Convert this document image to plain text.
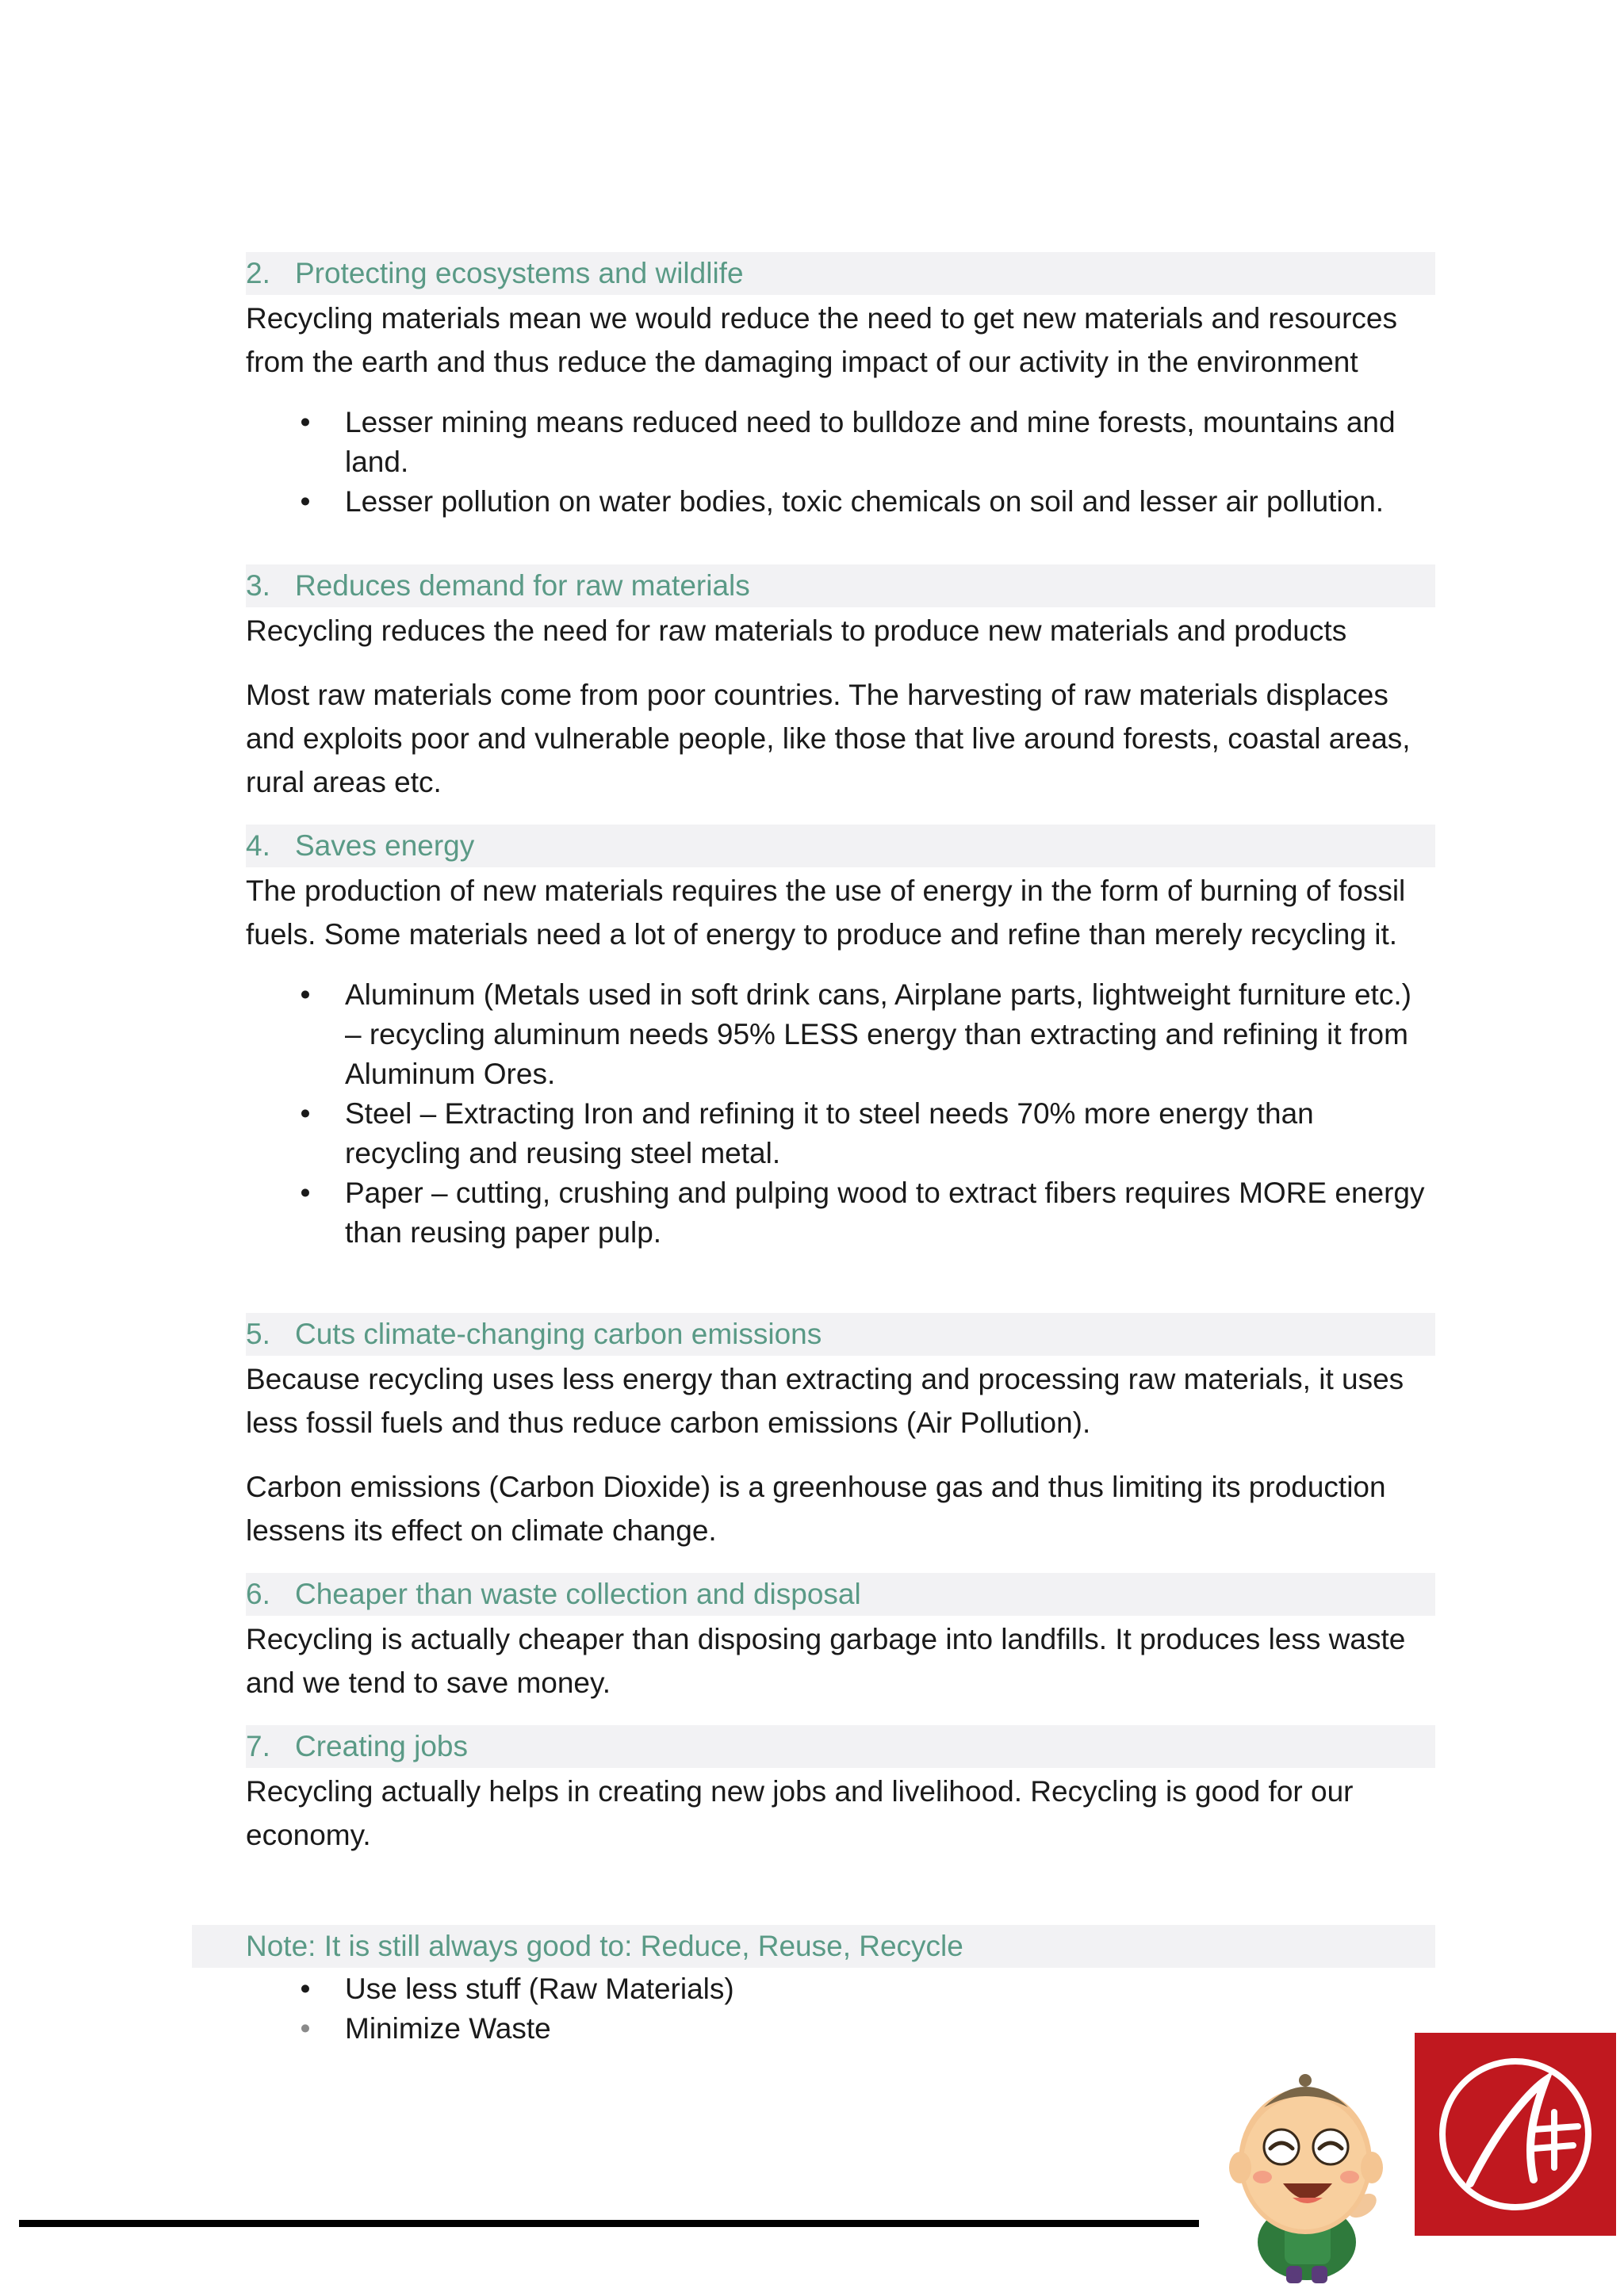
2. Protecting ecosystems and wildlife

Recycling materials mean we would reduce the need to get new materials and resources from the earth and thus reduce the damaging impact of our activity in the environment

• Lesser mining means reduced need to bulldoze and mine forests, mountains and land.
• Lesser pollution on water bodies, toxic chemicals on soil and lesser air pollution.
3. Reduces demand for raw materials

Recycling reduces the need for raw materials to produce new materials and products

Most raw materials come from poor countries. The harvesting of raw materials displaces and exploits poor and vulnerable people, like those that live around forests, coastal areas, rural areas etc.

4. Saves energy

The production of new materials requires the use of energy in the form of burning of fossil fuels. Some materials need a lot of energy to produce and refine than merely recycling it.

• Aluminum (Metals used in soft drink cans, Airplane parts, lightweight furniture etc.) – recycling aluminum needs 95% LESS energy than extracting and refining it from Aluminum Ores.
• Steel – Extracting Iron and refining it to steel needs 70% more energy than recycling and reusing steel metal.
• Paper – cutting, crushing and pulping wood to extract fibers requires MORE energy than reusing paper pulp.
5. Cuts climate-changing carbon emissions

Because recycling uses less energy than extracting and processing raw materials, it uses less fossil fuels and thus reduce carbon emissions (Air Pollution).

Carbon emissions (Carbon Dioxide) is a greenhouse gas and thus limiting its production lessens its effect on climate change.

6. Cheaper than waste collection and disposal

Recycling is actually cheaper than disposing garbage into landfills. It produces less waste and we tend to save money.

7. Creating jobs

Recycling actually helps in creating new jobs and livelihood. Recycling is good for our economy.

Note: It is still always good to: Reduce, Reuse, Recycle
• Use less stuff (Raw Materials)
• Minimize Waste
